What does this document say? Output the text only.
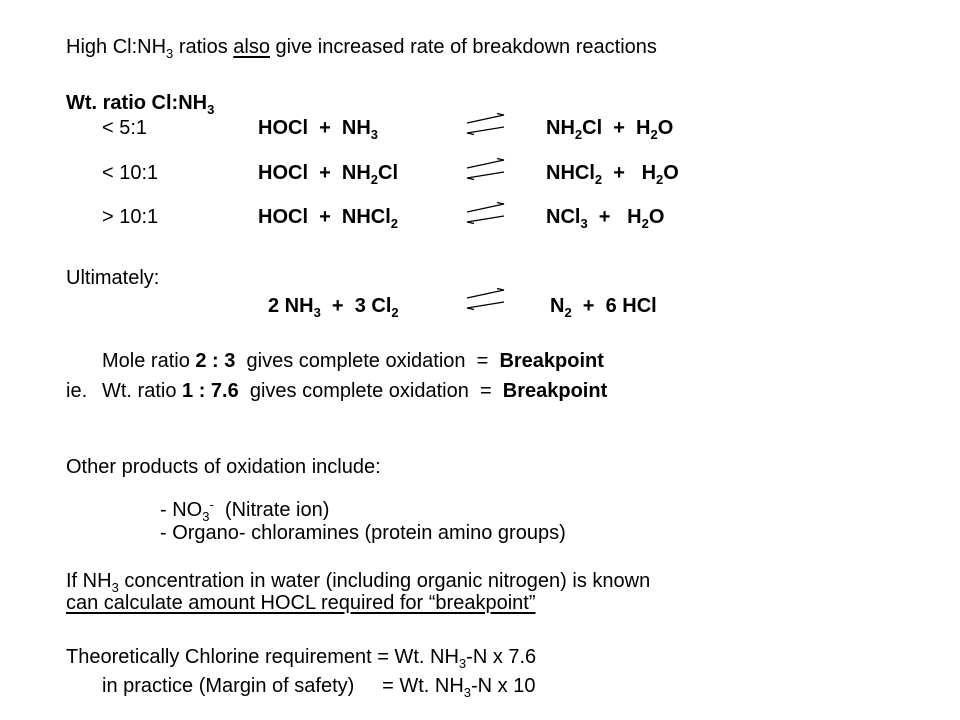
High $Cl:NH_3$ ratios also give increased rate of breakdown reactions
Wt. ratio $Cl:NH_3$
< 5:1	HOCl  +  $NH_3$	$NH_2Cl + H_2O$
< 10:1	HOCl  +  $NH_2Cl$	NHCl$_2$  +   $H_2O$
> 10:1	HOCl  +  NHCl$_2$	$NCl_3 + H_2O$
Ultimately:
2 $NH_3 + 3$ $Cl_2$	$N_2 + 6$ HCl
Mole ratio 2 : 3  gives complete oxidation  =  Breakpoint
ie. Wt. ratio 1 : 7.6  gives complete oxidation  =  Breakpoint
Other products of oxidation include:
- $NO_3^-$  (Nitrate ion)
- Organo- chloramines (protein amino groups)
If $NH_3$ concentration in water (including organic nitrogen) is known
can calculate amount HOCL required for “breakpoint”
Theoretically Chlorine requirement = Wt. $NH_3-N$ x 7.6
in practice (Margin of safety)     = Wt. $NH_3-N$ x 10
